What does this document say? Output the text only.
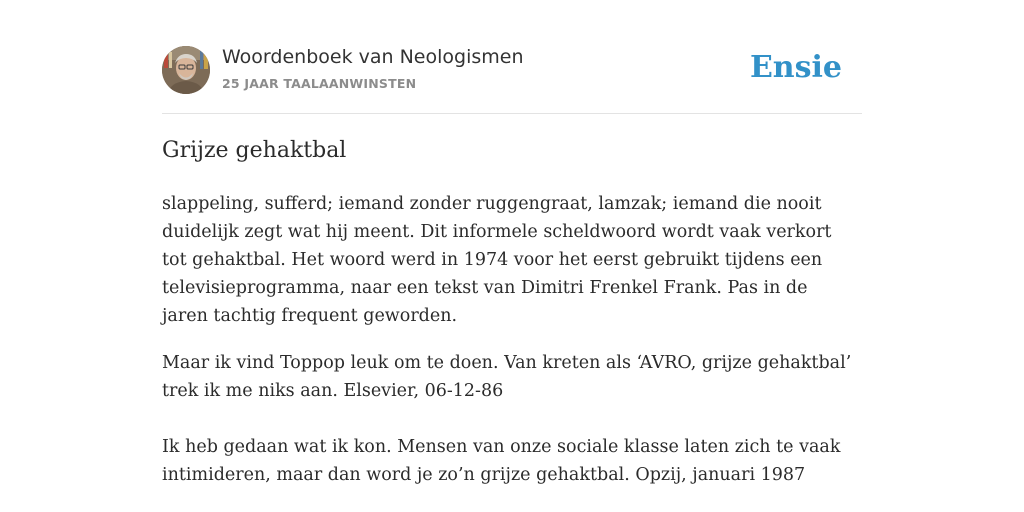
Woordenboek van Neologismen
25 JAAR TAALAANWINSTEN	Ensie
Grijze gehaktbal

slappeling, sufferd; iemand zonder ruggengraat, lamzak; iemand die nooit duidelijk zegt wat hij meent. Dit informele scheldwoord wordt vaak verkort tot gehaktbal. Het woord werd in 1974 voor het eerst gebruikt tijdens een televisieprogramma, naar een tekst van Dimitri Frenkel Frank. Pas in de jaren tachtig frequent geworden.

Maar ik vind Toppop leuk om te doen. Van kreten als ‘AVRO, grijze gehaktbal’ trek ik me niks aan. Elsevier, 06-12-86
Ik heb gedaan wat ik kon. Mensen van onze sociale klasse laten zich te vaak intimideren, maar dan word je zo’n grijze gehaktbal. Opzij, januari 1987
